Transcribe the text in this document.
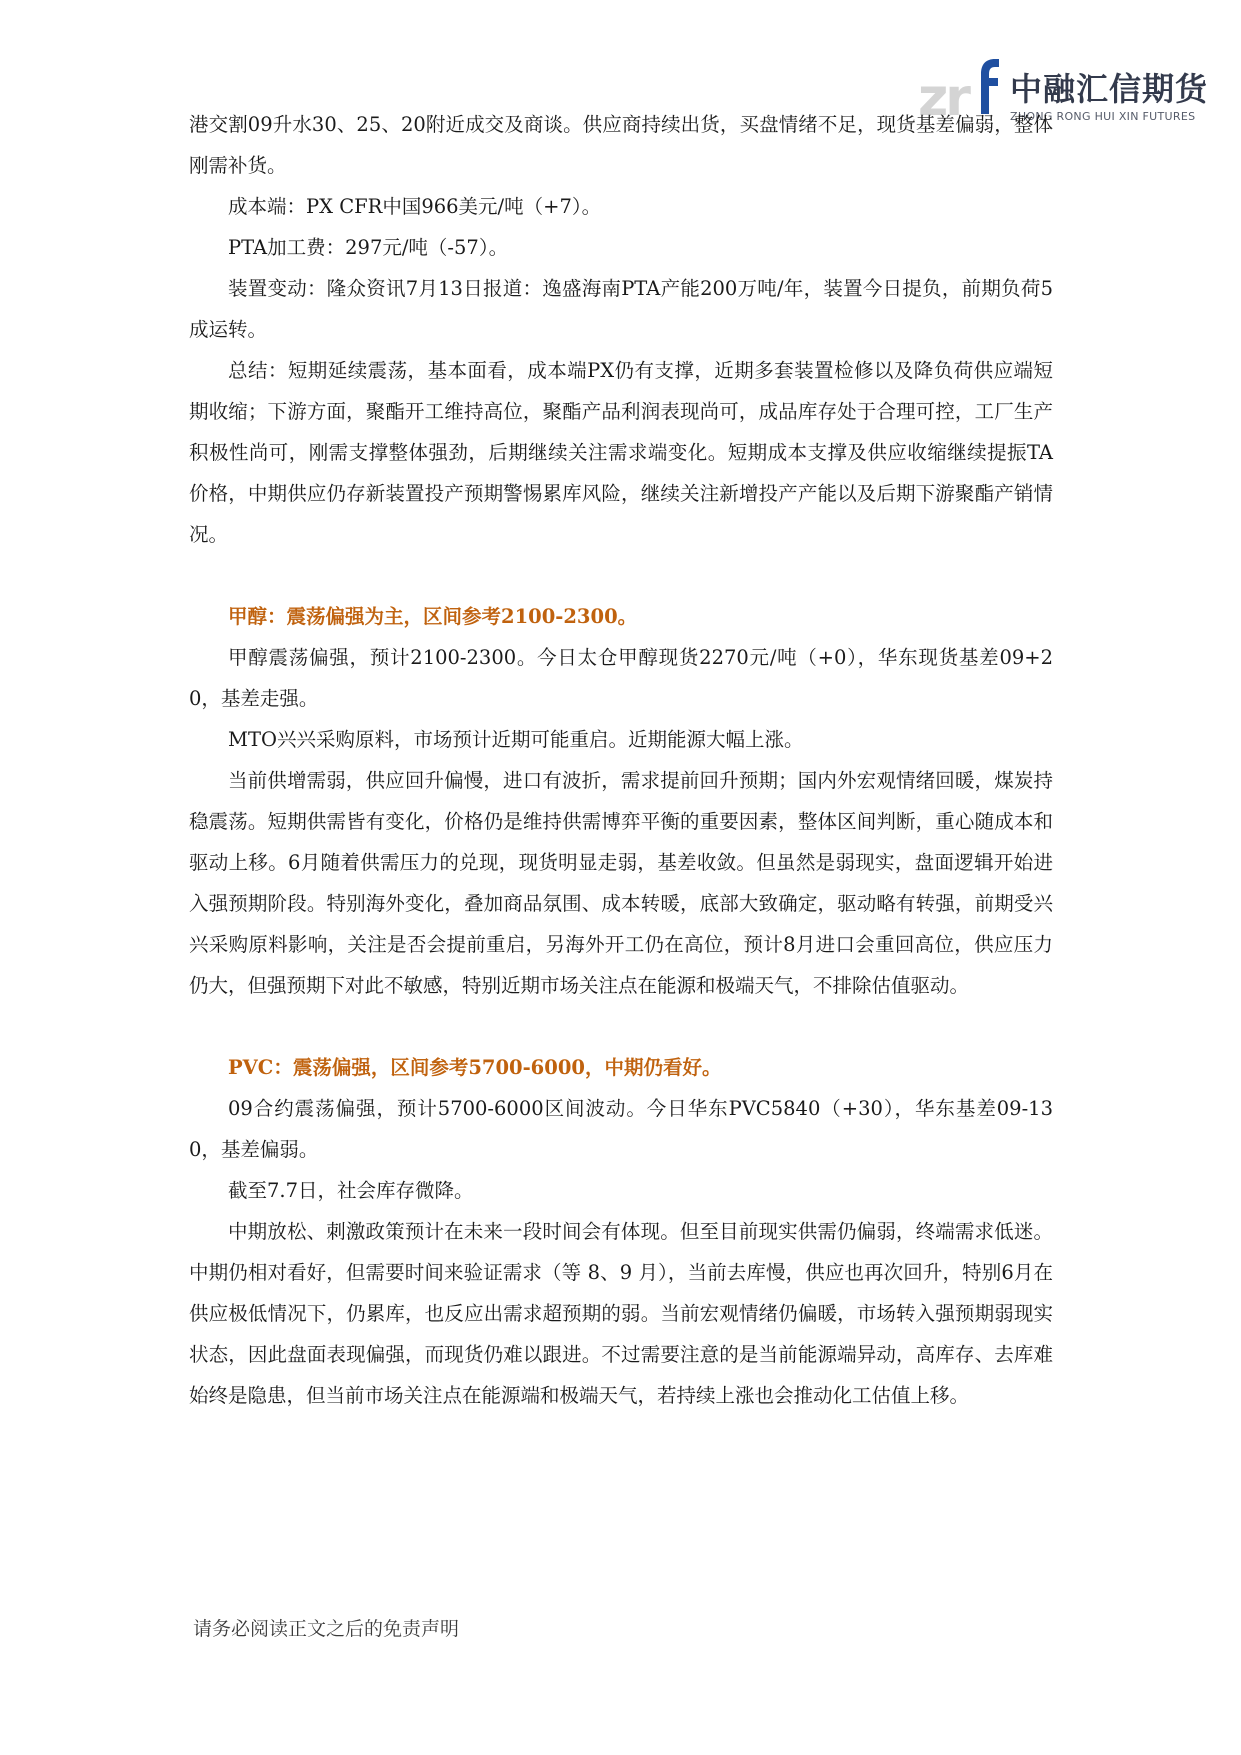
zr 中融汇信期货
ZHONG RONG HUI XIN FUTURES

港交割09升水30、25、20附近成交及商谈。供应商持续出货，买盘情绪不足，现货基差偏弱，整体刚需补货。

成本端：PX CFR中国966美元/吨（+7）。

PTA加工费：297元/吨（-57）。

装置变动：隆众资讯7月13日报道：逸盛海南PTA产能200万吨/年，装置今日提负，前期负荷5成运转。

总结：短期延续震荡，基本面看，成本端PX仍有支撑，近期多套装置检修以及降负荷供应端短期收缩；下游方面，聚酯开工维持高位，聚酯产品利润表现尚可，成品库存处于合理可控，工厂生产积极性尚可，刚需支撑整体强劲，后期继续关注需求端变化。短期成本支撑及供应收缩继续提振TA价格，中期供应仍存新装置投产预期警惕累库风险，继续关注新增投产产能以及后期下游聚酯产销情况。

甲醇：震荡偏强为主，区间参考2100-2300。

甲醇震荡偏强，预计2100-2300。今日太仓甲醇现货2270元/吨（+0），华东现货基差09+20，基差走强。

MTO兴兴采购原料，市场预计近期可能重启。近期能源大幅上涨。

当前供增需弱，供应回升偏慢，进口有波折，需求提前回升预期；国内外宏观情绪回暖，煤炭持稳震荡。短期供需皆有变化，价格仍是维持供需博弈平衡的重要因素，整体区间判断，重心随成本和驱动上移。6月随着供需压力的兑现，现货明显走弱，基差收敛。但虽然是弱现实，盘面逻辑开始进入强预期阶段。特别海外变化，叠加商品氛围、成本转暖，底部大致确定，驱动略有转强，前期受兴兴采购原料影响，关注是否会提前重启，另海外开工仍在高位，预计8月进口会重回高位，供应压力仍大，但强预期下对此不敏感，特别近期市场关注点在能源和极端天气，不排除估值驱动。

PVC：震荡偏强，区间参考5700-6000，中期仍看好。

09合约震荡偏强，预计5700-6000区间波动。今日华东PVC5840（+30），华东基差09-130，基差偏弱。

截至7.7日，社会库存微降。

中期放松、刺激政策预计在未来一段时间会有体现。但至目前现实供需仍偏弱，终端需求低迷。中期仍相对看好，但需要时间来验证需求（等 8、9 月），当前去库慢，供应也再次回升，特别6月在供应极低情况下，仍累库，也反应出需求超预期的弱。当前宏观情绪仍偏暖，市场转入强预期弱现实状态，因此盘面表现偏强，而现货仍难以跟进。不过需要注意的是当前能源端异动，高库存、去库难始终是隐患，但当前市场关注点在能源端和极端天气，若持续上涨也会推动化工估值上移。

请务必阅读正文之后的免责声明
